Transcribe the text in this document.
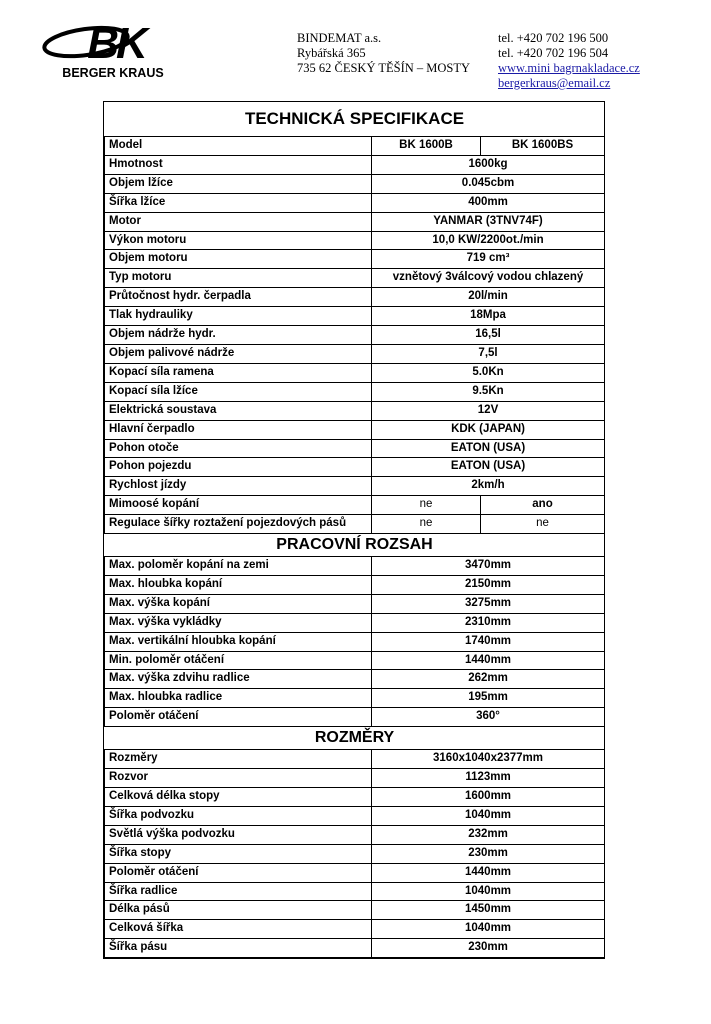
BK
BERGER KRAUS
BINDEMAT a.s.
Rybářská 365
735 62 ČESKÝ TĚŠÍN – MOSTY
tel. +420 702 196 500
tel. +420 702 196 504
www.mini bagrnakladace.cz
bergerkraus@email.cz
TECHNICKÁ SPECIFIKACE		
Model	BK 1600B	BK 1600BS
Hmotnost	1600kg	
Objem lžíce	0.045cbm	
Šířka lžíce	400mm	
Motor	YANMAR (3TNV74F)	
Výkon motoru	10,0 KW/2200ot./min	
Objem motoru	719 cm³	
Typ motoru	vznětový 3válcový vodou chlazený	
Průtočnost hydr. čerpadla	20l/min	
Tlak hydrauliky	18Mpa	
Objem nádrže hydr.	16,5l	
Objem palivové nádrže	7,5l	
Kopací síla ramena	5.0Kn	
Kopací síla lžíce	9.5Kn	
Elektrická soustava	12V	
Hlavní čerpadlo	KDK (JAPAN)	
Pohon otoče	EATON (USA)	
Pohon pojezdu	EATON (USA)	
Rychlost jízdy	2km/h	
Mimoosé kopání	ne	ano
Regulace šířky roztažení pojezdových pásů	ne	ne
PRACOVNÍ ROZSAH		
Max. poloměr kopání na zemi	3470mm	
Max. hloubka kopání	2150mm	
Max. výška kopání	3275mm	
Max. výška vykládky	2310mm	
Max. vertikální hloubka kopání	1740mm	
Min. poloměr otáčení	1440mm	
Max. výška zdvihu radlice	262mm	
Max. hloubka radlice	195mm	
Poloměr otáčení	360°	
ROZMĚRY		
Rozměry	3160x1040x2377mm	
Rozvor	1123mm	
Celková délka stopy	1600mm	
Šířka podvozku	1040mm	
Světlá výška podvozku	232mm	
Šířka stopy	230mm	
Poloměr otáčení	1440mm	
Šířka radlice	1040mm	
Délka pásů	1450mm	
Celková šířka	1040mm	
Šířka pásu	230mm	
